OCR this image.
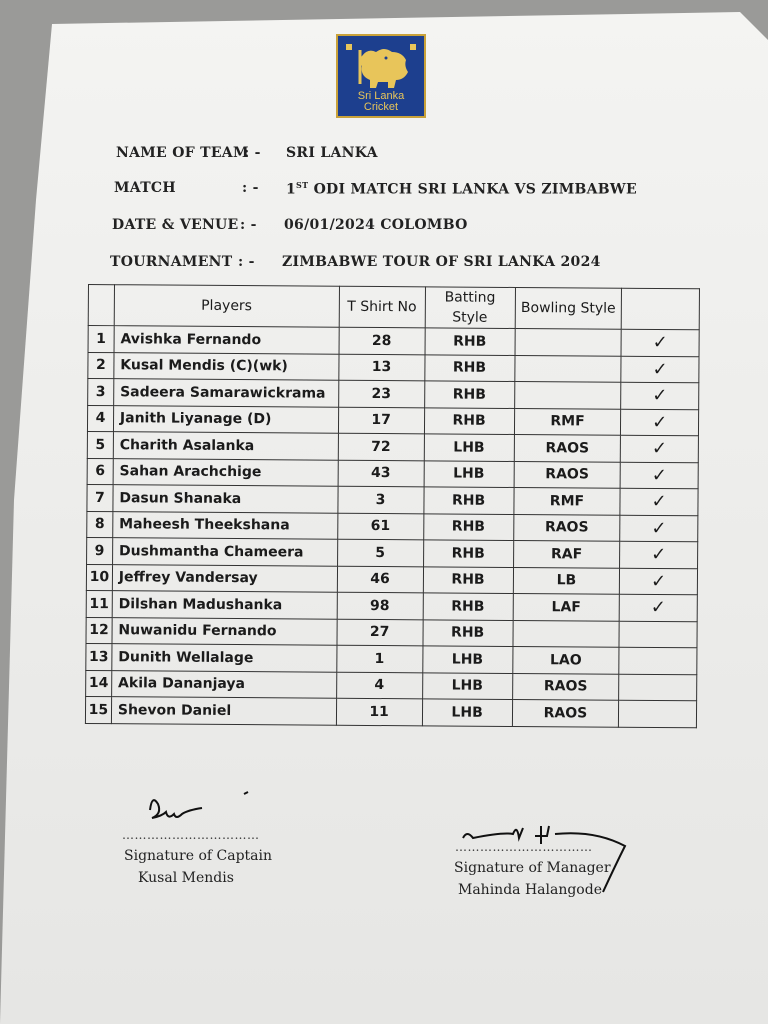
Sri Lanka
Cricket
NAME OF TEAM
: - SRI LANKA
MATCH	: - 1ST ODI MATCH SRI LANKA VS ZIMBABWE
DATE & VENUE : - 06/01/2024 COLOMBO
TOURNAMENT : - ZIMBABWE TOUR OF SRI LANKA 2024
	Players	T Shirt No	Batting Style	Bowling Style	
1	Avishka Fernando	28	RHB		✓
2	Kusal Mendis (C)(wk)	13	RHB		✓
3	Sadeera Samarawickrama	23	RHB		✓
4	Janith Liyanage (D)	17	RHB	RMF	✓
5	Charith Asalanka	72	LHB	RAOS	✓
6	Sahan Arachchige	43	LHB	RAOS	✓
7	Dasun Shanaka	3	RHB	RMF	✓
8	Maheesh Theekshana	61	RHB	RAOS	✓
9	Dushmantha Chameera	5	RHB	RAF	✓
10	Jeffrey Vandersay	46	RHB	LB	✓
11	Dilshan Madushanka	98	RHB	LAF	✓
12	Nuwanidu Fernando	27	RHB		
13	Dunith Wellalage	1	LHB	LAO	
14	Akila Dananjaya	4	LHB	RAOS	
15	Shevon Daniel	11	LHB	RAOS	
……………………………
Signature of Captain
Kusal Mendis
……………………………
Signature of Manager
Mahinda Halangode
